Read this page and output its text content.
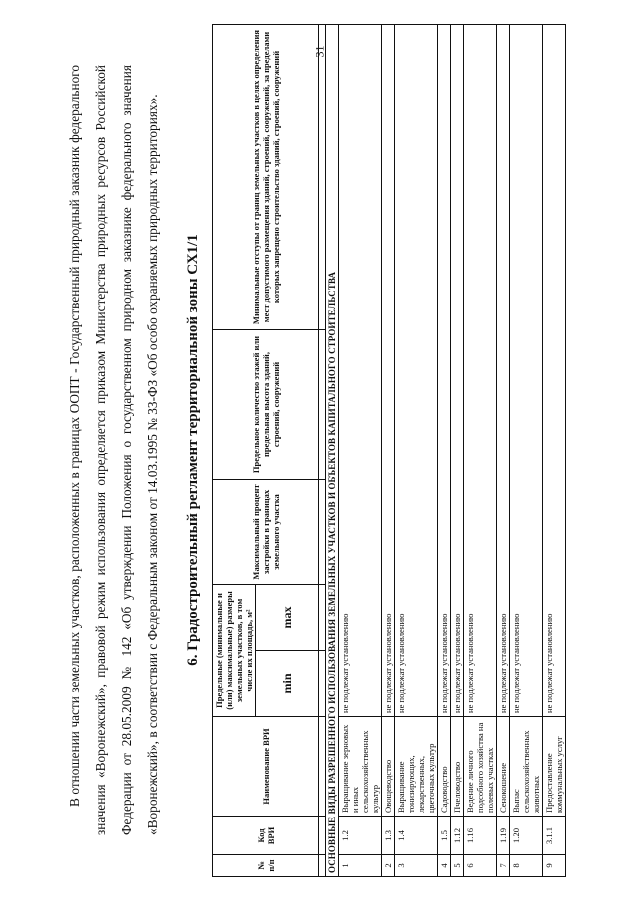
31

В отношении части земельных участков, расположенных в границах ООПТ - Государственный природный заказник федерального значения «Воронежский», правовой режим использования определяется приказом Министерства природных ресурсов Российской Федерации от 28.05.2009 № 142 «Об утверждении Положения о государственном природном заказнике федерального значения «Воронежский», в соответствии с Федеральным законом от 14.03.1995 № 33-ФЗ «Об особо охраняемых природных территориях».	6. Градостроительный регламент территориальной зоны СХ1/1
№ п/п	Код ВРИ	Наименование ВРИ	Предельные (минимальные и (или) максимальные) размеры земельных участков, в том числе их площадь, м²		Максимальный процент застройки в границах земельного участка	Предельное количество этажей или предельная высота зданий, строений, сооружений	Минимальные отступы от границ земельных участков в целях определения мест допустимого размещения зданий, строений, сооружений, за пределами которых запрещено строительство зданий, строений, сооружений
			min	max			

ОСНОВНЫЕ ВИДЫ РАЗРЕШЕННОГО ИСПОЛЬЗОВАНИЯ ЗЕМЕЛЬНЫХ УЧАСТКОВ И ОБЪЕКТОВ КАПИТАЛЬНОГО СТРОИТЕЛЬСТВА							
1	1.2	Выращивание зерновых и иных сельскохозяйственных культур	не подлежат установлению				
2	1.3	Овощеводство	не подлежат установлению				
3	1.4	Выращивание тонизирующих, лекарственных, цветочных культур	не подлежат установлению				
4	1.5	Садоводство	не подлежат установлению				
5	1.12	Пчеловодство	не подлежат установлению				
6	1.16	Ведение личного подсобного хозяйства на полевых участках	не подлежат установлению				
7	1.19	Сенокошение	не подлежат установлению				
8	1.20	Выпас сельскохозяйственных животных	не подлежат установлению				
9	3.1.1	Предоставление коммунальных услуг	не подлежат установлению				
